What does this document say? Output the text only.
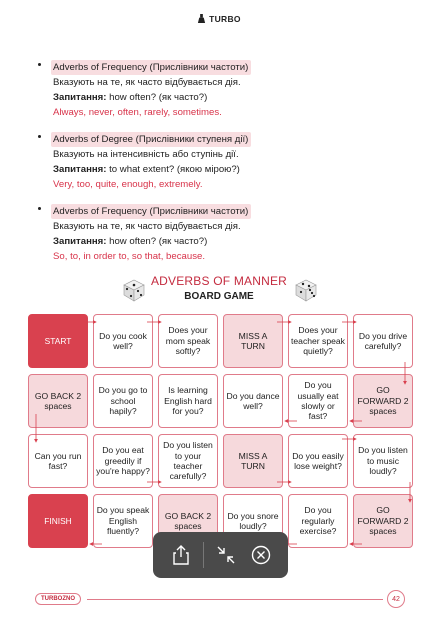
TURBO
Adverbs of Frequency (Прислівники частоти)
Вказують на те, як часто відбувається дія.
Запитання: how often? (як часто?)
Always, never, often, rarely, sometimes.
Adverbs of Degree (Прислівники ступеня дії)
Вказують на інтенсивність або ступінь дії.
Запитання: to what extent? (якою мірою?)
Very, too, quite, enough, extremely.
Adverbs of Frequency (Прислівники частоти)
Вказують на те, як часто відбувається дія.
Запитання: how often? (як часто?)
So, to, in order to, so that, because.
ADVERBS OF MANNER
BOARD GAME
START
Do you cook well?
Does your mom speak softly?
MISS A TURN
Does your teacher speak quietly?
Do you drive carefully?
GO BACK 2 spaces
Do you go to school hapily?
Is learning English hard for you?
Do you dance well?
Do you usually eat slowly or fast?
GO FORWARD 2 spaces
Can you run fast?
Do you eat greedily if you're happy?
Do you listen to your teacher carefully?
MISS A TURN
Do you easily lose weight?
Do you listen to music loudly?
FINISH
Do you speak English fluently?
GO BACK 2 spaces
Do you snore loudly?
Do you regularly exercise?
GO FORWARD 2 spaces
TURBOZNO	42
